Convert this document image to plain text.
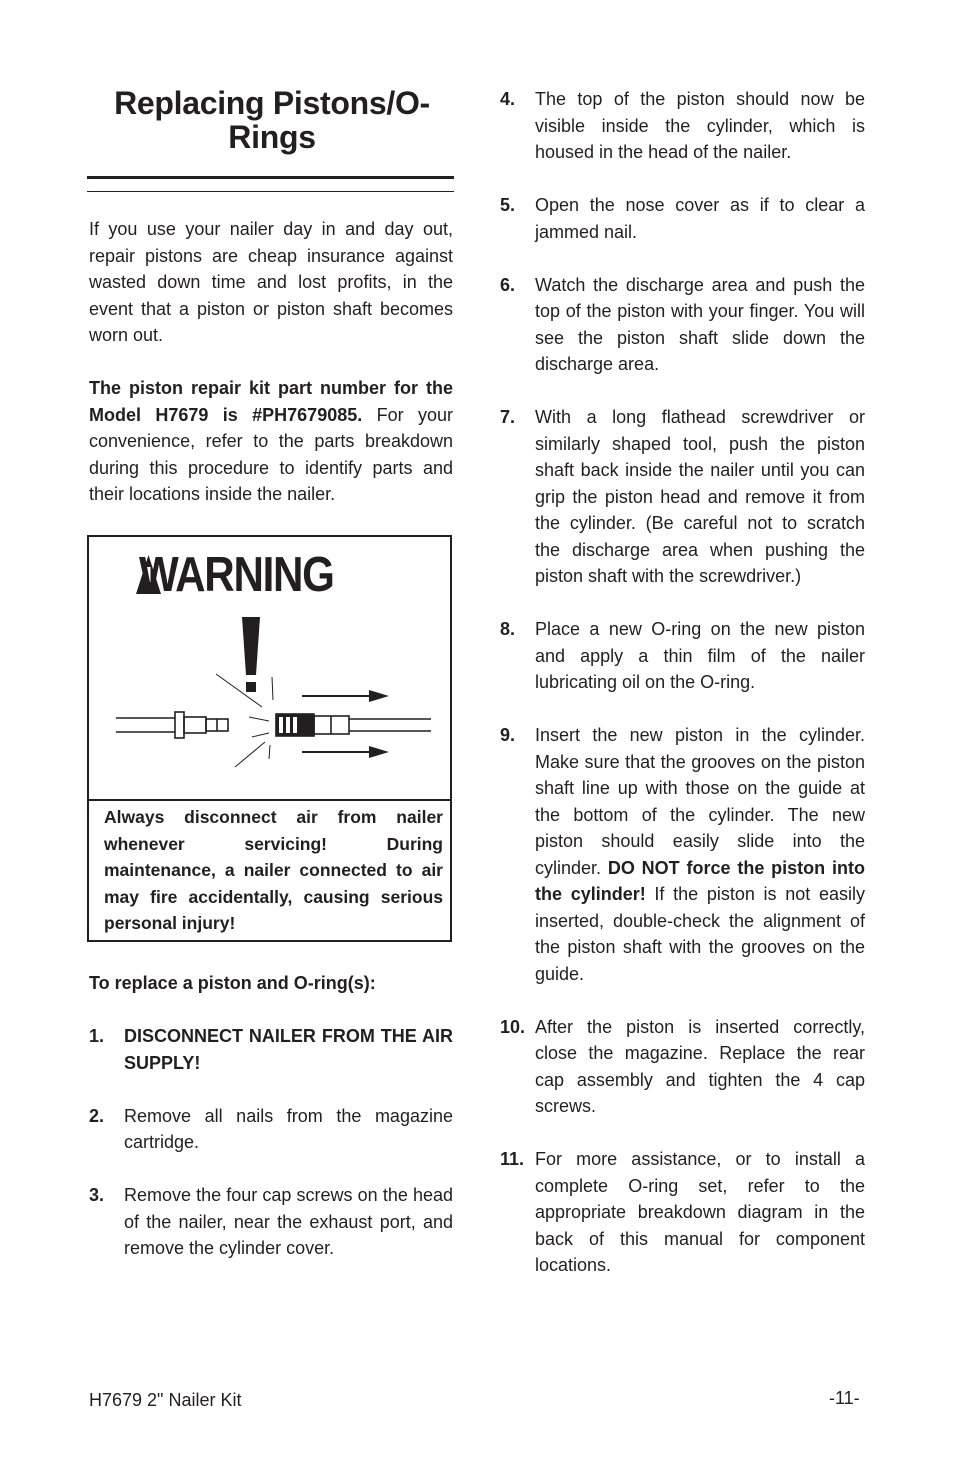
Replacing Pistons/O-Rings

If you use your nailer day in and day out, repair pistons are cheap insurance against wasted down time and lost profits, in the event that a piston or piston shaft becomes worn out.

The piston repair kit part number for the Model H7679 is #PH7679085. For your convenience, refer to the parts breakdown during this procedure to identify parts and their locations inside the nailer.

WARNING

Always disconnect air from nailer whenever servicing! During maintenance, a nailer connected to air may fire accidentally, causing serious personal injury!

To replace a piston and O-ring(s):

1. DISCONNECT NAILER FROM THE AIR SUPPLY!
2. Remove all nails from the magazine cartridge.
3. Remove the four cap screws on the head of the nailer, near the exhaust port, and remove the cylinder cover.
4. The top of the piston should now be visible inside the cylinder, which is housed in the head of the nailer.
5. Open the nose cover as if to clear a jammed nail.
6. Watch the discharge area and push the top of the piston with your finger. You will see the piston shaft slide down the discharge area.
7. With a long flathead screwdriver or similarly shaped tool, push the piston shaft back inside the nailer until you can grip the piston head and remove it from the cylinder. (Be careful not to scratch the discharge area when pushing the piston shaft with the screwdriver.)
8. Place a new O-ring on the new piston and apply a thin film of the nailer lubricating oil on the O-ring.
9. Insert the new piston in the cylinder. Make sure that the grooves on the piston shaft line up with those on the guide at the bottom of the cylinder. The new piston should easily slide into the cylinder. DO NOT force the piston into the cylinder! If the piston is not easily inserted, double-check the alignment of the piston shaft with the grooves on the guide.
10. After the piston is inserted correctly, close the magazine. Replace the rear cap assembly and tighten the 4 cap screws.
11. For more assistance, or to install a complete O-ring set, refer to the appropriate breakdown diagram in the back of this manual for component locations.
H7679 2" Nailer Kit	-11-
